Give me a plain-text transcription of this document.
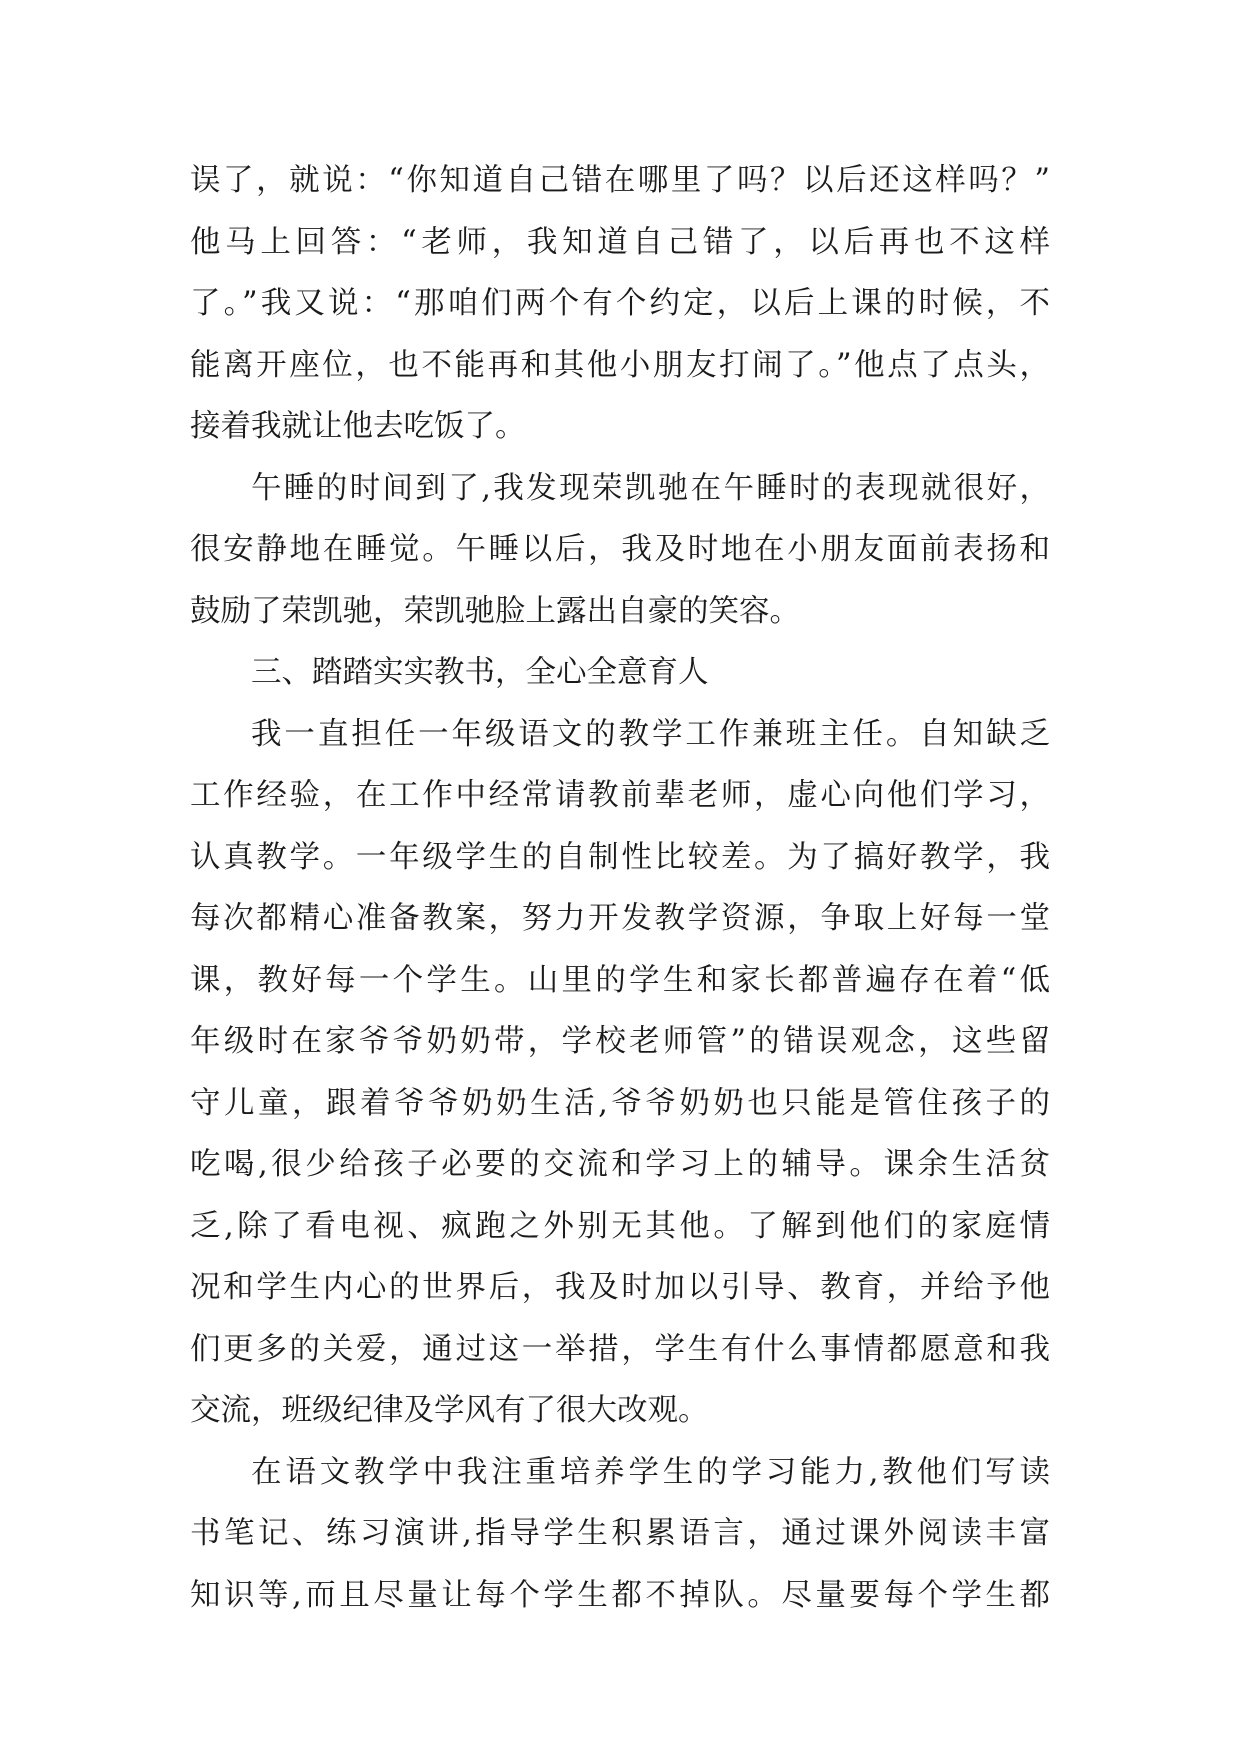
误了，就说：“你知道自己错在哪里了吗？以后还这样吗？”
他马上回答：“老师，我知道自己错了，以后再也不这样
了。”我又说：“那咱们两个有个约定，以后上课的时候，不
能离开座位，也不能再和其他小朋友打闹了。”他点了点头，
接着我就让他去吃饭了。
午睡的时间到了,我发现荣凯驰在午睡时的表现就很好，
很安静地在睡觉。午睡以后，我及时地在小朋友面前表扬和
鼓励了荣凯驰，荣凯驰脸上露出自豪的笑容。
三、踏踏实实教书，全心全意育人
我一直担任一年级语文的教学工作兼班主任。自知缺乏
工作经验，在工作中经常请教前辈老师，虚心向他们学习，
认真教学。一年级学生的自制性比较差。为了搞好教学，我
每次都精心准备教案，努力开发教学资源，争取上好每一堂
课，教好每一个学生。山里的学生和家长都普遍存在着“低
年级时在家爷爷奶奶带，学校老师管”的错误观念，这些留
守儿童，跟着爷爷奶奶生活,爷爷奶奶也只能是管住孩子的
吃喝,很少给孩子必要的交流和学习上的辅导。课余生活贫
乏,除了看电视、疯跑之外别无其他。了解到他们的家庭情
况和学生内心的世界后，我及时加以引导、教育，并给予他
们更多的关爱，通过这一举措，学生有什么事情都愿意和我
交流，班级纪律及学风有了很大改观。
在语文教学中我注重培养学生的学习能力,教他们写读
书笔记、练习演讲,指导学生积累语言，通过课外阅读丰富
知识等,而且尽量让每个学生都不掉队。尽量要每个学生都
